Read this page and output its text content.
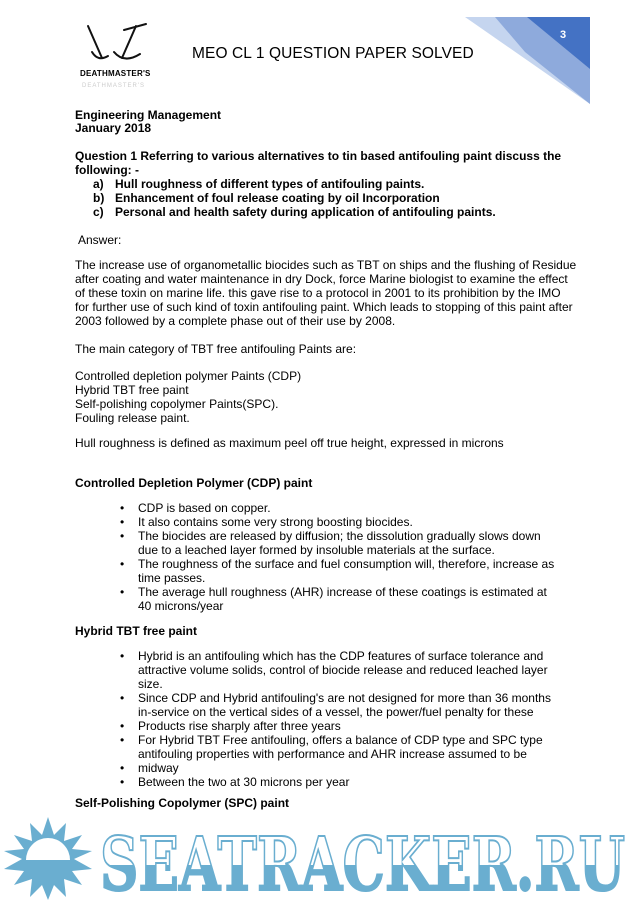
3
DEATHMASTER'S
DEATHMASTER'S
MEO CL 1 QUESTION PAPER SOLVED
Engineering Management
January 2018
Question 1 Referring to various alternatives to tin based antifouling paint discuss the
following: -
a) Hull roughness of different types of antifouling paints.
b) Enhancement of foul release coating by oil Incorporation
c) Personal and health safety during application of antifouling paints.
Answer:
The increase use of organometallic biocides such as TBT on ships and the flushing of Residue
after coating and water maintenance in dry Dock, force Marine biologist to examine the effect
of these toxin on marine life. this gave rise to a protocol in 2001 to its prohibition by the IMO
for further use of such kind of toxin antifouling paint. Which leads to stopping of this paint after
2003 followed by a complete phase out of their use by 2008.
The main category of TBT free antifouling Paints are:
Controlled depletion polymer Paints (CDP)
Hybrid TBT free paint
Self-polishing copolymer Paints(SPC).
Fouling release paint.
Hull roughness is defined as maximum peel off true height, expressed in microns
Controlled Depletion Polymer (CDP) paint
• CDP is based on copper.
• It also contains some very strong boosting biocides.
• The biocides are released by diffusion; the dissolution gradually slows down due to a leached layer formed by insoluble materials at the surface.
• The roughness of the surface and fuel consumption will, therefore, increase as time passes.
• The average hull roughness (AHR) increase of these coatings is estimated at 40 microns/year
Hybrid TBT free paint
• Hybrid is an antifouling which has the CDP features of surface tolerance and attractive volume solids, control of biocide release and reduced leached layer size.
• Since CDP and Hybrid antifouling's are not designed for more than 36 months in-service on the vertical sides of a vessel, the power/fuel penalty for these
• Products rise sharply after three years
• For Hybrid TBT Free antifouling, offers a balance of CDP type and SPC type antifouling properties with performance and AHR increase assumed to be
• midway
• Between the two at 30 microns per year
Self-Polishing Copolymer (SPC) paint
SEATRACKER.RU
